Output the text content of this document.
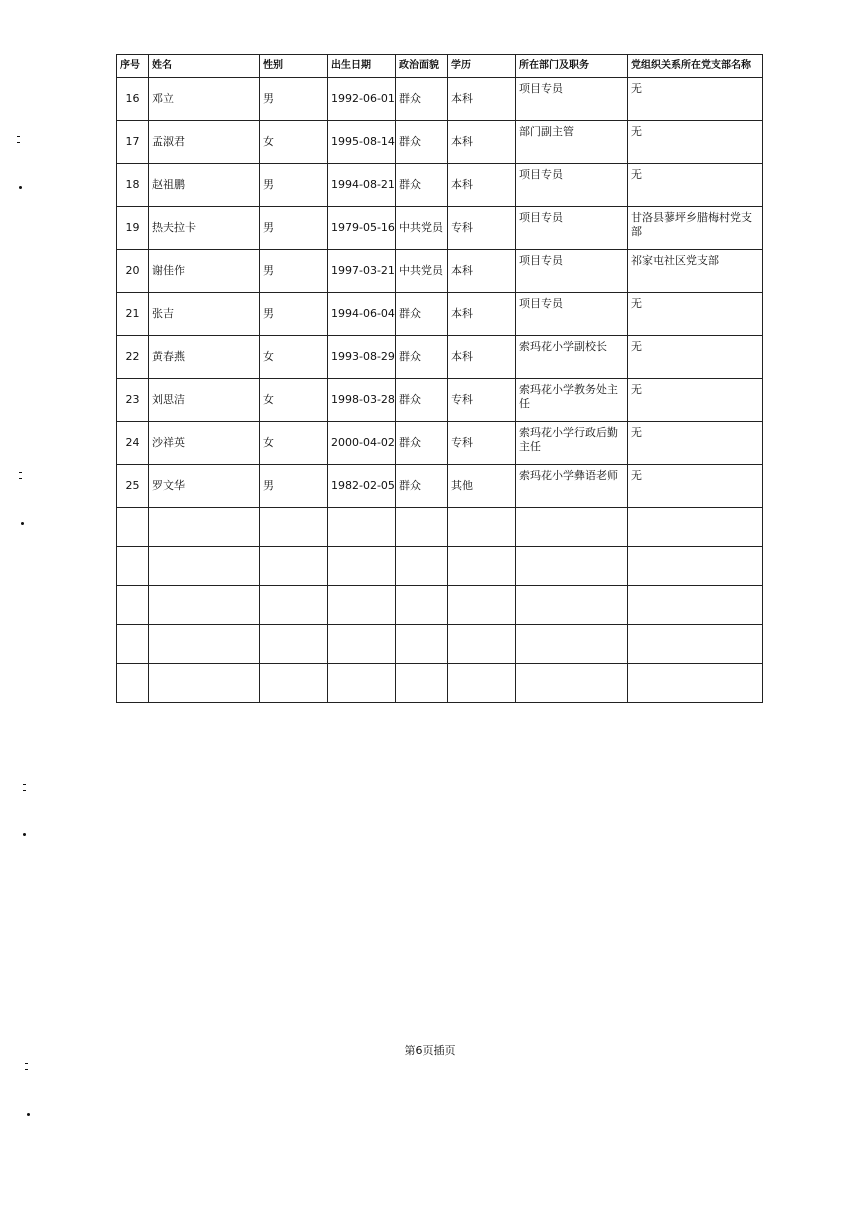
序号	姓名	性别	出生日期	政治面貌	学历	所在部门及职务	党组织关系所在党支部名称
16	邓立	男	1992-06-01	群众	本科	项目专员	无
17	孟淑君	女	1995-08-14	群众	本科	部门副主管	无
18	赵祖鹏	男	1994-08-21	群众	本科	项目专员	无
19	热夫拉卡	男	1979-05-16	中共党员	专科	项目专员	甘洛县蓼坪乡腊梅村党支部
20	谢佳作	男	1997-03-21	中共党员	本科	项目专员	祁家屯社区党支部
21	张吉	男	1994-06-04	群众	本科	项目专员	无
22	黄春燕	女	1993-08-29	群众	本科	索玛花小学副校长	无
23	刘思洁	女	1998-03-28	群众	专科	索玛花小学教务处主任	无
24	沙祥英	女	2000-04-02	群众	专科	索玛花小学行政后勤主任	无
25	罗文华	男	1982-02-05	群众	其他	索玛花小学彝语老师	无

第6页插页
